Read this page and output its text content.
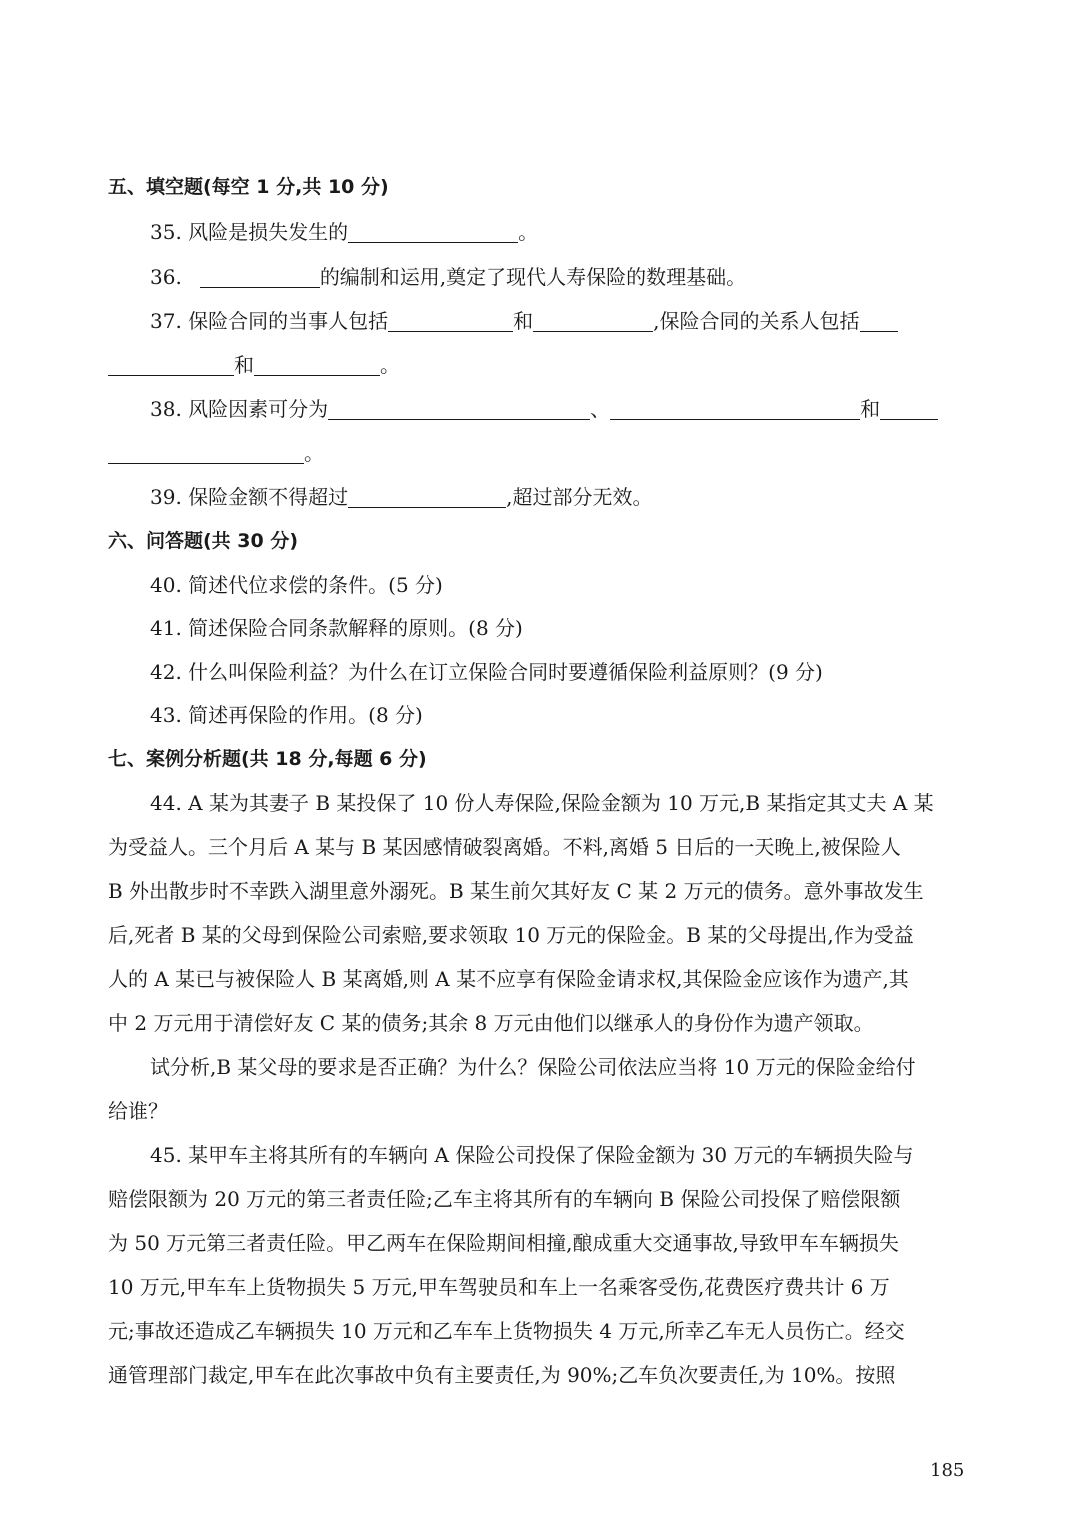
五、填空题(每空 1 分,共 10 分)
35. 风险是损失发生的	。
36.	的编制和运用,奠定了现代人寿保险的数理基础。
37. 保险合同的当事人包括	和	,保险合同的关系人包括
和	。
38. 风险因素可分为	、	和
。
39. 保险金额不得超过	,超过部分无效。
六、问答题(共 30 分)
40. 简述代位求偿的条件。(5 分)
41. 简述保险合同条款解释的原则。(8 分)
42. 什么叫保险利益？为什么在订立保险合同时要遵循保险利益原则？(9 分)
43. 简述再保险的作用。(8 分)
七、案例分析题(共 18 分,每题 6 分)
44. A 某为其妻子 B 某投保了 10 份人寿保险,保险金额为 10 万元,B 某指定其丈夫 A 某
为受益人。三个月后 A 某与 B 某因感情破裂离婚。不料,离婚 5 日后的一天晚上,被保险人
B 外出散步时不幸跌入湖里意外溺死。B 某生前欠其好友 C 某 2 万元的债务。意外事故发生
后,死者 B 某的父母到保险公司索赔,要求领取 10 万元的保险金。B 某的父母提出,作为受益
人的 A 某已与被保险人 B 某离婚,则 A 某不应享有保险金请求权,其保险金应该作为遗产,其
中 2 万元用于清偿好友 C 某的债务;其余 8 万元由他们以继承人的身份作为遗产领取。
试分析,B 某父母的要求是否正确？为什么？保险公司依法应当将 10 万元的保险金给付
给谁？
45. 某甲车主将其所有的车辆向 A 保险公司投保了保险金额为 30 万元的车辆损失险与
赔偿限额为 20 万元的第三者责任险;乙车主将其所有的车辆向 B 保险公司投保了赔偿限额
为 50 万元第三者责任险。甲乙两车在保险期间相撞,酿成重大交通事故,导致甲车车辆损失
10 万元,甲车车上货物损失 5 万元,甲车驾驶员和车上一名乘客受伤,花费医疗费共计 6 万
元;事故还造成乙车辆损失 10 万元和乙车车上货物损失 4 万元,所幸乙车无人员伤亡。经交
通管理部门裁定,甲车在此次事故中负有主要责任,为 90%;乙车负次要责任,为 10%。按照
185
